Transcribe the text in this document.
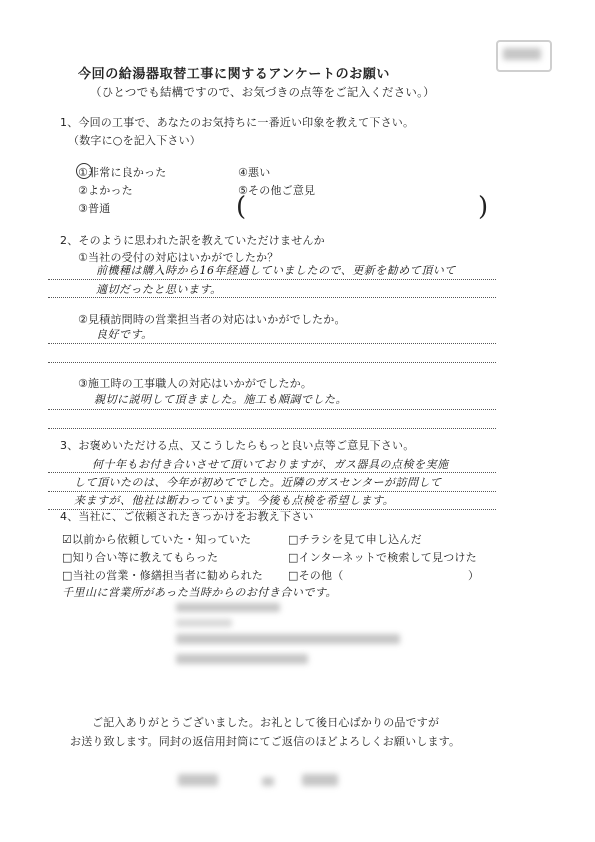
今回の給湯器取替工事に関するアンケートのお願い
（ひとつでも結構ですので、お気づきの点等をご記入ください。）
1、今回の工事で、あなたのお気持ちに一番近い印象を教えて下さい。
（数字に○を記入下さい）
①非常に良かった
②よかった
③普通
④悪い
⑤その他ご意見
(	)
2、そのように思われた訳を教えていただけませんか
①当社の受付の対応はいかがでしたか？
前機種は購入時から16年経過していましたので、更新を勧めて頂いて
適切だったと思います。
②見積訪問時の営業担当者の対応はいかがでしたか。
良好です。
③施工時の工事職人の対応はいかがでしたか。
親切に説明して頂きました。施工も順調でした。
3、お褒めいただける点、又こうしたらもっと良い点等ご意見下さい。
何十年もお付き合いさせて頂いておりますが、ガス器具の点検を実施
して頂いたのは、今年が初めてでした。近隣のガスセンターが訪問して
来ますが、他社は断わっています。今後も点検を希望します。
4、当社に、ご依頼されたきっかけをお教え下さい
☑以前から依頼していた・知っていた
□知り合い等に教えてもらった
□当社の営業・修繕担当者に勧められた
□チラシを見て申し込んだ
□インターネットで検索して見つけた
□その他（	）
千里山に営業所があった当時からのお付き合いです。
ご記入ありがとうございました。お礼として後日心ばかりの品ですが
お送り致します。同封の返信用封筒にてご返信のほどよろしくお願いします。
